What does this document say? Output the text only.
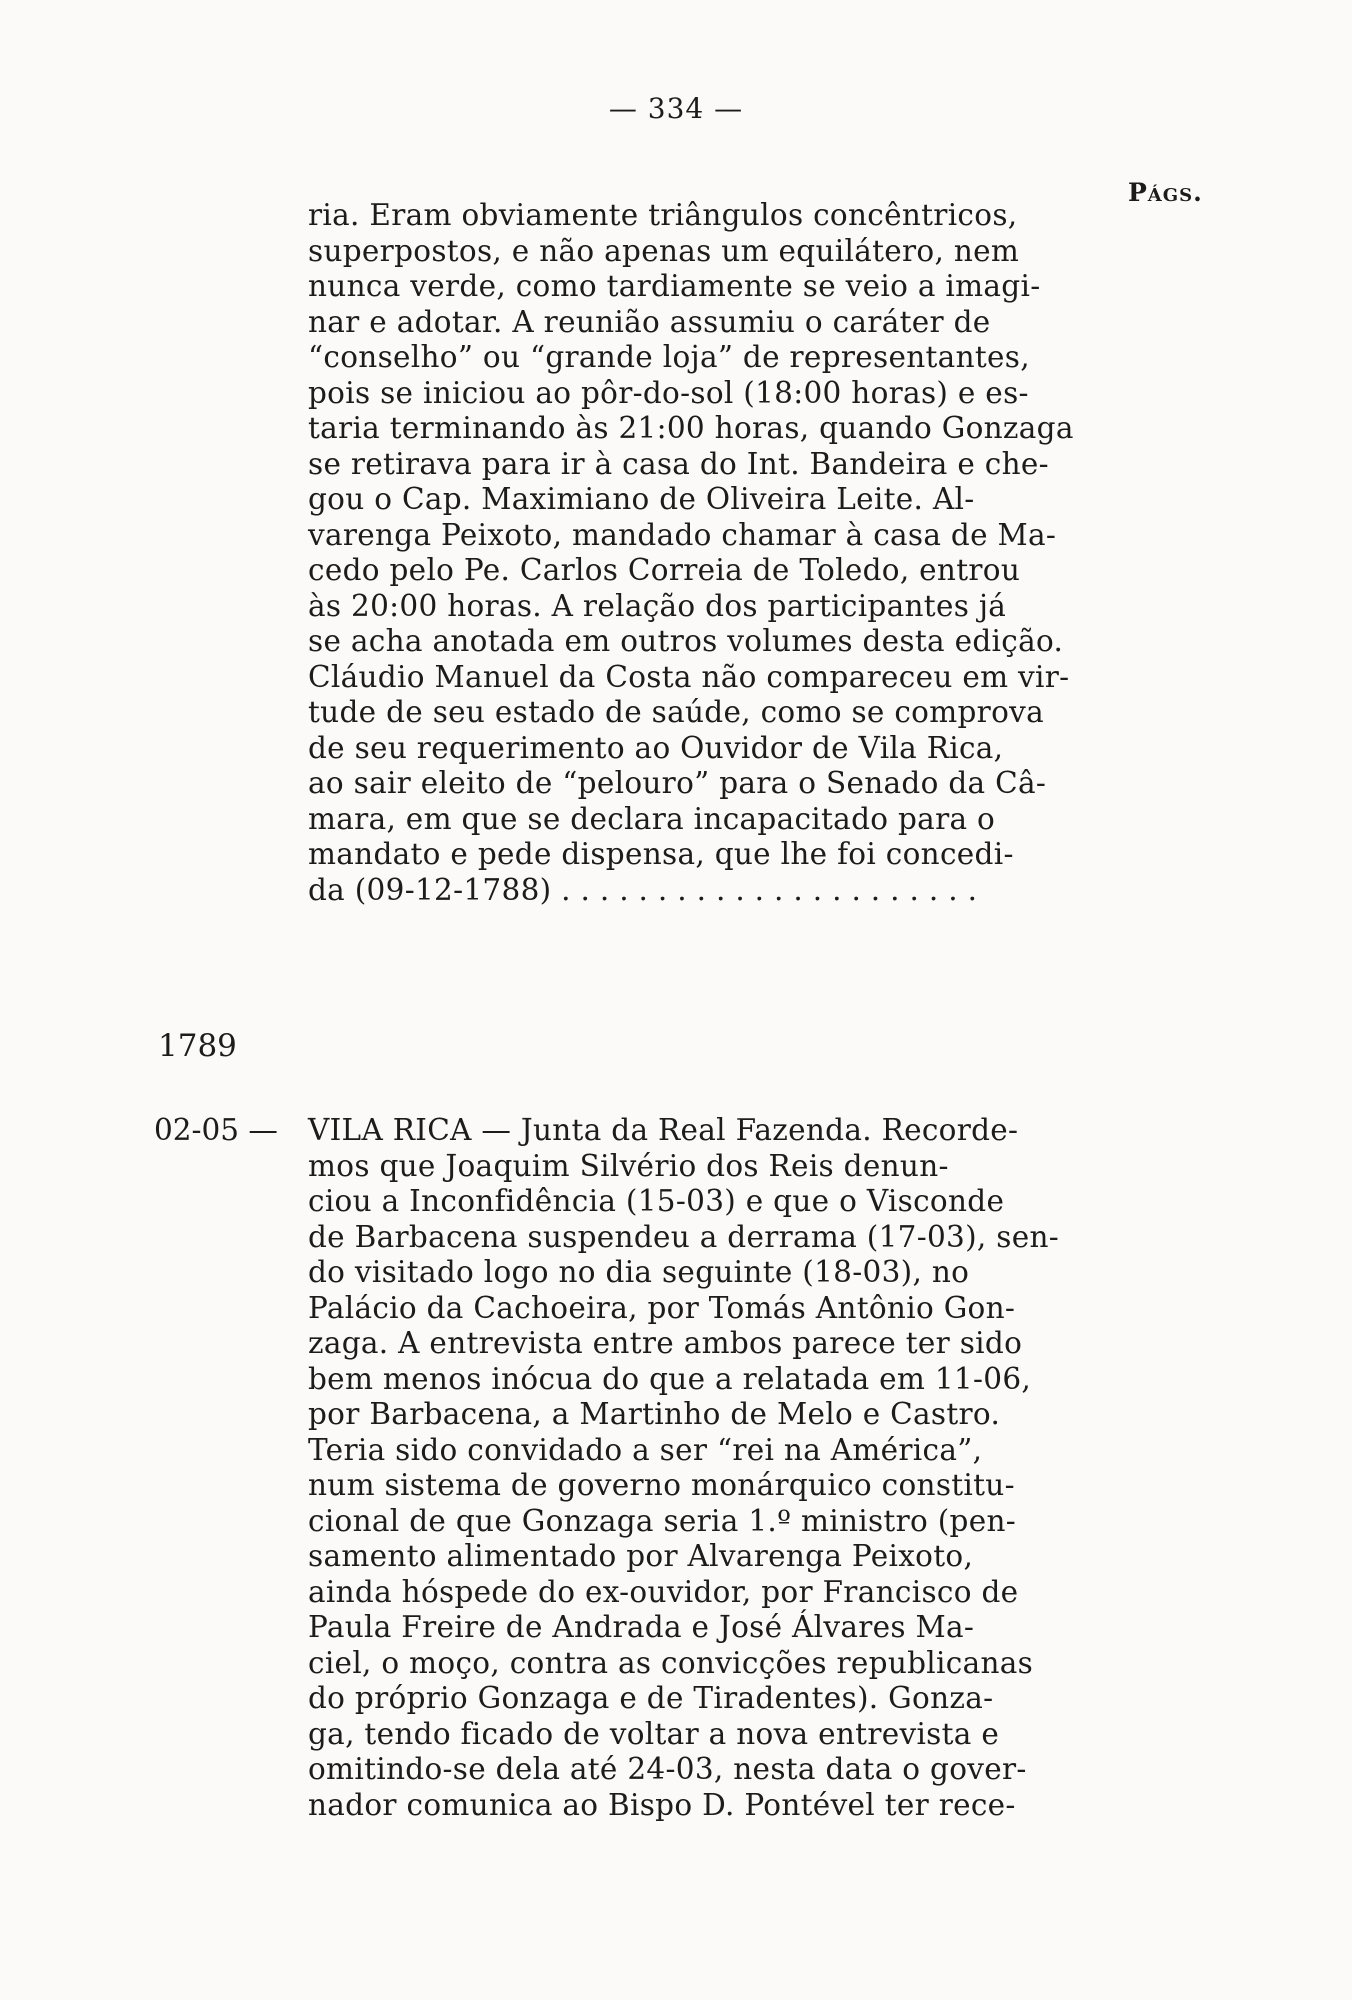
— 334 —
Págs.
ria. Eram obviamente triângulos concêntricos,
superpostos, e não apenas um equilátero, nem
nunca verde, como tardiamente se veio a imagi-
nar e adotar. A reunião assumiu o caráter de
“conselho” ou “grande loja” de representantes,
pois se iniciou ao pôr-do-sol (18:00 horas) e es-
taria terminando às 21:00 horas, quando Gonzaga
se retirava para ir à casa do Int. Bandeira e che-
gou o Cap. Maximiano de Oliveira Leite. Al-
varenga Peixoto, mandado chamar à casa de Ma-
cedo pelo Pe. Carlos Correia de Toledo, entrou
às 20:00 horas. A relação dos participantes já
se acha anotada em outros volumes desta edição.
Cláudio Manuel da Costa não compareceu em vir-
tude de seu estado de saúde, como se comprova
de seu requerimento ao Ouvidor de Vila Rica,
ao sair eleito de “pelouro” para o Senado da Câ-
mara, em que se declara incapacitado para o
mandato e pede dispensa, que lhe foi concedi-
da (09-12-1788) . . . . . . . . . . . . . . . . . . . . . .
1789
02-05 — VILA RICA — Junta da Real Fazenda. Recorde-
mos que Joaquim Silvério dos Reis denun-
ciou a Inconfidência (15-03) e que o Visconde
de Barbacena suspendeu a derrama (17-03), sen-
do visitado logo no dia seguinte (18-03), no
Palácio da Cachoeira, por Tomás Antônio Gon-
zaga. A entrevista entre ambos parece ter sido
bem menos inócua do que a relatada em 11-06,
por Barbacena, a Martinho de Melo e Castro.
Teria sido convidado a ser “rei na América”,
num sistema de governo monárquico constitu-
cional de que Gonzaga seria 1.º ministro (pen-
samento alimentado por Alvarenga Peixoto,
ainda hóspede do ex-ouvidor, por Francisco de
Paula Freire de Andrada e José Álvares Ma-
ciel, o moço, contra as convicções republicanas
do próprio Gonzaga e de Tiradentes). Gonza-
ga, tendo ficado de voltar a nova entrevista e
omitindo-se dela até 24-03, nesta data o gover-
nador comunica ao Bispo D. Pontével ter rece-
